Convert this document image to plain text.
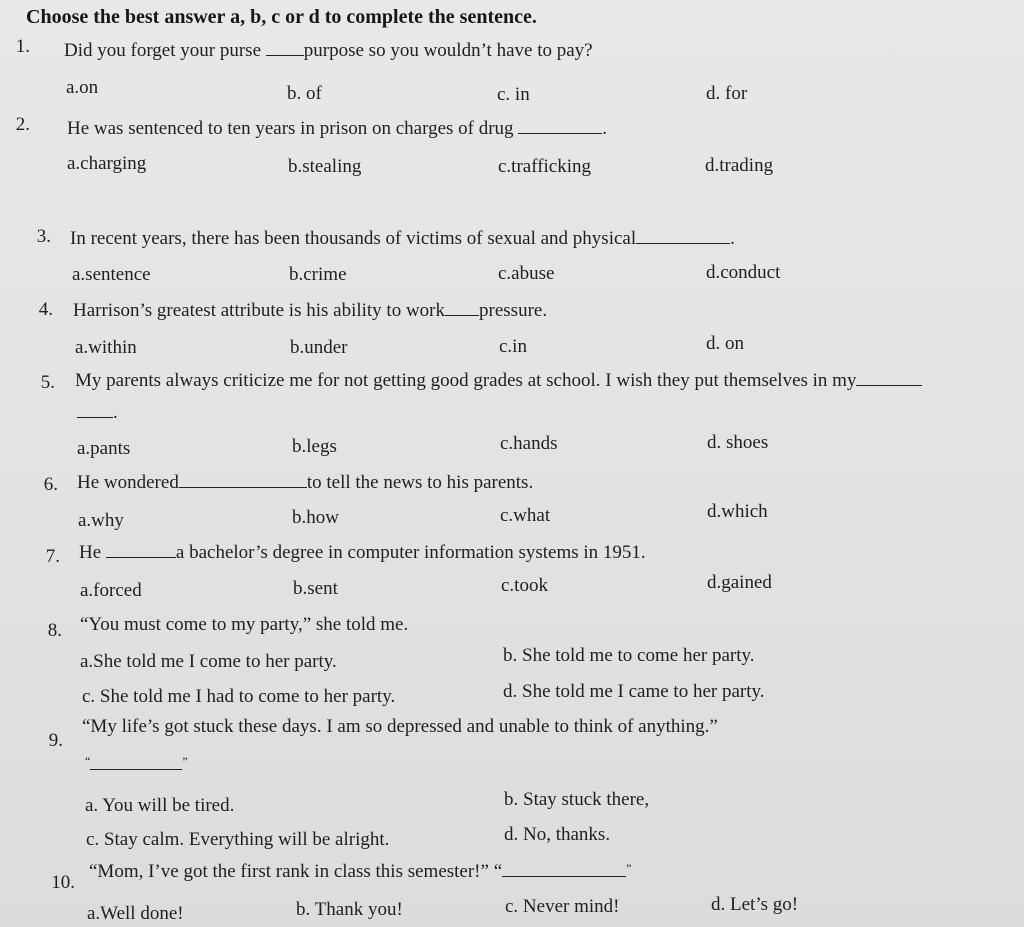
Choose the best answer a, b, c or d to complete the sentence.
1. Did you forget your purse purpose so you wouldn’t have to pay?
a.on	b. of	c. in	d. for
2. He was sentenced to ten years in prison on charges of drug	.
a.charging	b.stealing	c.trafficking	d.trading
3. In recent years, there has been thousands of victims of sexual and physical	.
a.sentence	b.crime	c.abuse	d.conduct
4. Harrison’s greatest attribute is his ability to work pressure.
a.within	b.under	c.in	d. on
5. My parents always criticize me for not getting good grades at school. I wish they put themselves in my
.
a.pants	b.legs	c.hands	d. shoes
6. He wondered	to tell the news to his parents.
a.why	b.how	c.what	d.which
7. He	a bachelor’s degree in computer information systems in 1951.
a.forced	b.sent	c.took	d.gained
8. “You must come to my party,” she told me.
a.She told me I come to her party.	b. She told me to come her party.
c. She told me I had to come to her party.	d. She told me I came to her party.
9.
“My life’s got stuck these days. I am so depressed and unable to think of anything.”
“	”
a. You will be tired.	b. Stay stuck there,
c. Stay calm. Everything will be alright.	d. No, thanks.
10.
“Mom, I’ve got the first rank in class this semester!” “	”
a.Well done!	b. Thank you!	c. Never mind!	d. Let’s go!
